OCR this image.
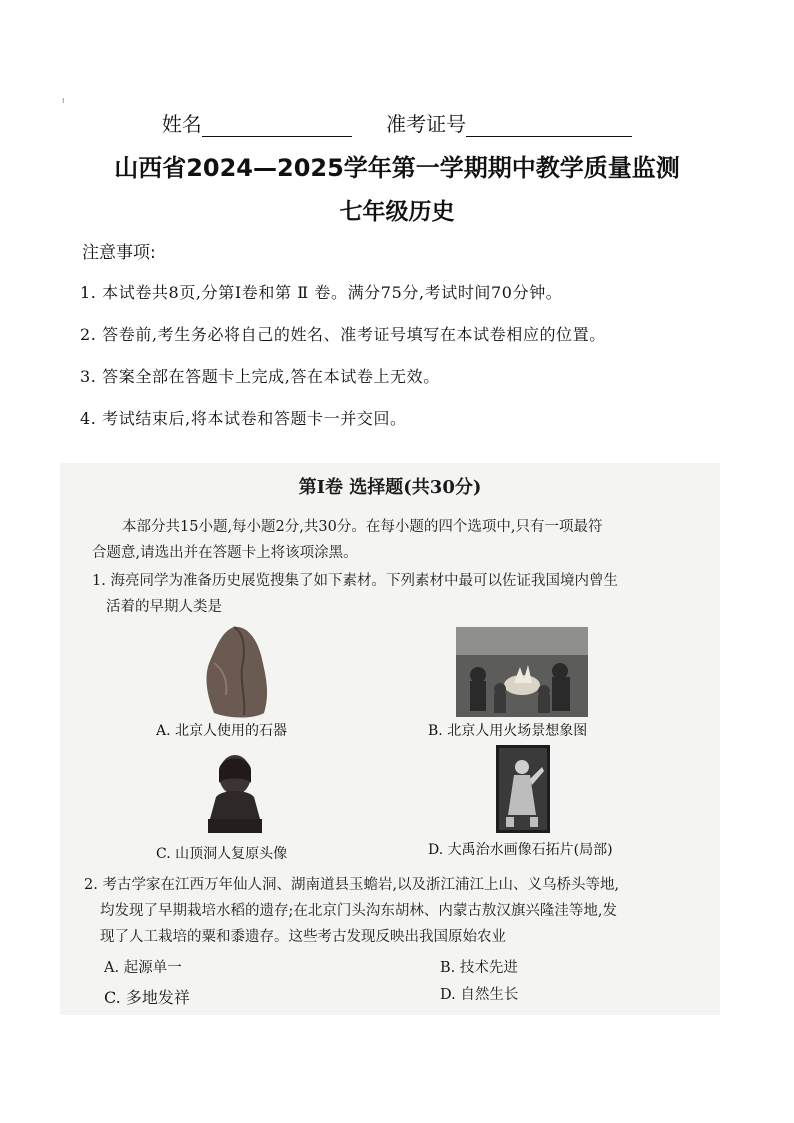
ı
姓名	准考证号
山西省2024—2025学年第一学期期中教学质量监测
七年级历史
注意事项:
1. 本试卷共8页,分第Ⅰ卷和第 Ⅱ 卷。满分75分,考试时间70分钟。
2. 答卷前,考生务必将自己的姓名、准考证号填写在本试卷相应的位置。
3. 答案全部在答题卡上完成,答在本试卷上无效。
4. 考试结束后,将本试卷和答题卡一并交回。
第Ⅰ卷 选择题(共30分)
本部分共15小题,每小题2分,共30分。在每小题的四个选项中,只有一项最符
合题意,请选出并在答题卡上将该项涂黑。
1. 海亮同学为准备历史展览搜集了如下素材。下列素材中最可以佐证我国境内曾生
活着的早期人类是
A. 北京人使用的石器	B. 北京人用火场景想象图
C. 山顶洞人复原头像	D. 大禹治水画像石拓片(局部)
2. 考古学家在江西万年仙人洞、湖南道县玉蟾岩,以及浙江浦江上山、义乌桥头等地,
均发现了早期栽培水稻的遗存;在北京门头沟东胡林、内蒙古敖汉旗兴隆洼等地,发
现了人工栽培的粟和黍遗存。这些考古发现反映出我国原始农业
A. 起源单一	B. 技术先进
C. 多地发祥	D. 自然生长
